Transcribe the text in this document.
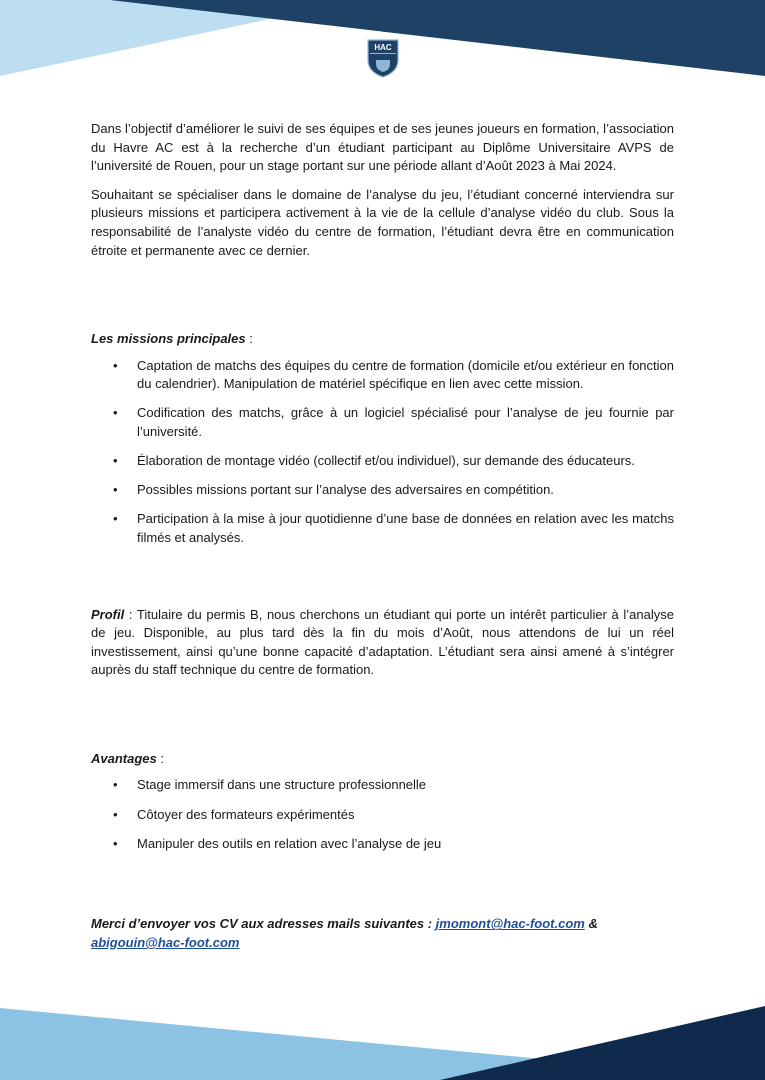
HAC

Dans l’objectif d’améliorer le suivi de ses équipes et de ses jeunes joueurs en formation, l’association du Havre AC est à la recherche d’un étudiant participant au Diplôme Universitaire AVPS de l’université de Rouen, pour un stage portant sur une période allant d’Août 2023 à Mai 2024.

Souhaitant se spécialiser dans le domaine de l’analyse du jeu, l’étudiant concerné interviendra sur plusieurs missions et participera activement à la vie de la cellule d’analyse vidéo du club. Sous la responsabilité de l’analyste vidéo du centre de formation, l’étudiant devra être en communication étroite et permanente avec ce dernier.

Les missions principales :

• Captation de matchs des équipes du centre de formation (domicile et/ou extérieur en fonction du calendrier). Manipulation de matériel spécifique en lien avec cette mission.
• Codification des matchs, grâce à un logiciel spécialisé pour l’analyse de jeu fournie par l’université.
• Élaboration de montage vidéo (collectif et/ou individuel), sur demande des éducateurs.
• Possibles missions portant sur l’analyse des adversaires en compétition.
• Participation à la mise à jour quotidienne d’une base de données en relation avec les matchs filmés et analysés.

Profil : Titulaire du permis B, nous cherchons un étudiant qui porte un intérêt particulier à l’analyse de jeu. Disponible, au plus tard dès la fin du mois d’Août, nous attendons de lui un réel investissement, ainsi qu’une bonne capacité d’adaptation. L’étudiant sera ainsi amené à s’intégrer auprès du staff technique du centre de formation.

Avantages :

• Stage immersif dans une structure professionnelle
• Côtoyer des formateurs expérimentés
• Manipuler des outils en relation avec l’analyse de jeu

Merci d’envoyer vos CV aux adresses mails suivantes : jmomont@hac-foot.com & abigouin@hac-foot.com
